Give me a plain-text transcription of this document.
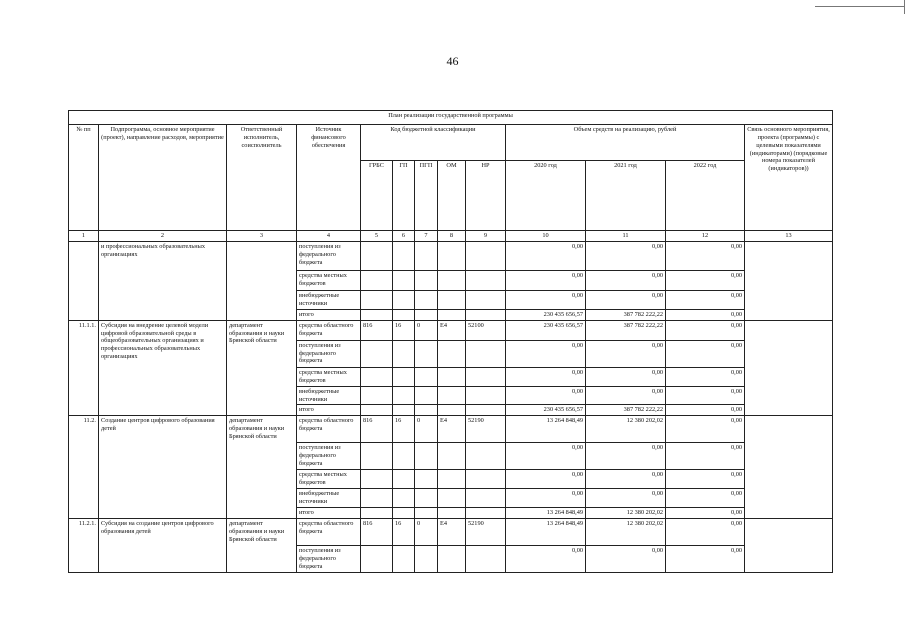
46
План реализации государственной программы												
№ пп	Подпрограмма, основное мероприятие (проект), направление расходов, мероприятие	Ответственный исполнитель, соисполнитель	Источник финансового обеспечения	Код бюджетной классификации					Объем средств на реализацию, рублей			Связь основного мероприятия, проекта (программы) с целевыми показателями (индикаторами) (порядковые номера показателей (индикаторов))
				ГРБС	ГП	ПГП	ОМ	НР	2020 год	2021 год	2022 год	
1	2	3	4	5	6	7	8	9	10	11	12	13
	и профессиональных образовательных организациях		поступления из федерального бюджета						0,00	0,00	0,00	
			средства местных бюджетов						0,00	0,00	0,00	
			внебюджетные источники						0,00	0,00	0,00	
			итого						230 435 656,57	387 782 222,22	0,00	
11.1.1.	Субсидия на внедрение целевой модели цифровой образовательной среды в общеобразовательных организациях и профессиональных образовательных организациях	департамент образования и науки Брянской области	средства областного бюджета	816	16	0	Е4	52100	230 435 656,57	387 782 222,22	0,00	
			поступления из федерального бюджета						0,00	0,00	0,00	
			средства местных бюджетов						0,00	0,00	0,00	
			внебюджетные источники						0,00	0,00	0,00	
			итого						230 435 656,57	387 782 222,22	0,00	
11.2.	Создание центров цифрового образования детей	департамент образования и науки Брянской области	средства областного бюджета	816	16	0	Е4	52190	13 264 848,49	12 380 202,02	0,00	
			поступления из федерального бюджета						0,00	0,00	0,00	
			средства местных бюджетов						0,00	0,00	0,00	
			внебюджетные источники						0,00	0,00	0,00	
			итого						13 264 848,49	12 380 202,02	0,00	
11.2.1.	Субсидия на создание центров цифрового образования детей	департамент образования и науки Брянской области	средства областного бюджета	816	16	0	Е4	52190	13 264 848,49	12 380 202,02	0,00	
			поступления из федерального бюджета						0,00	0,00	0,00	
